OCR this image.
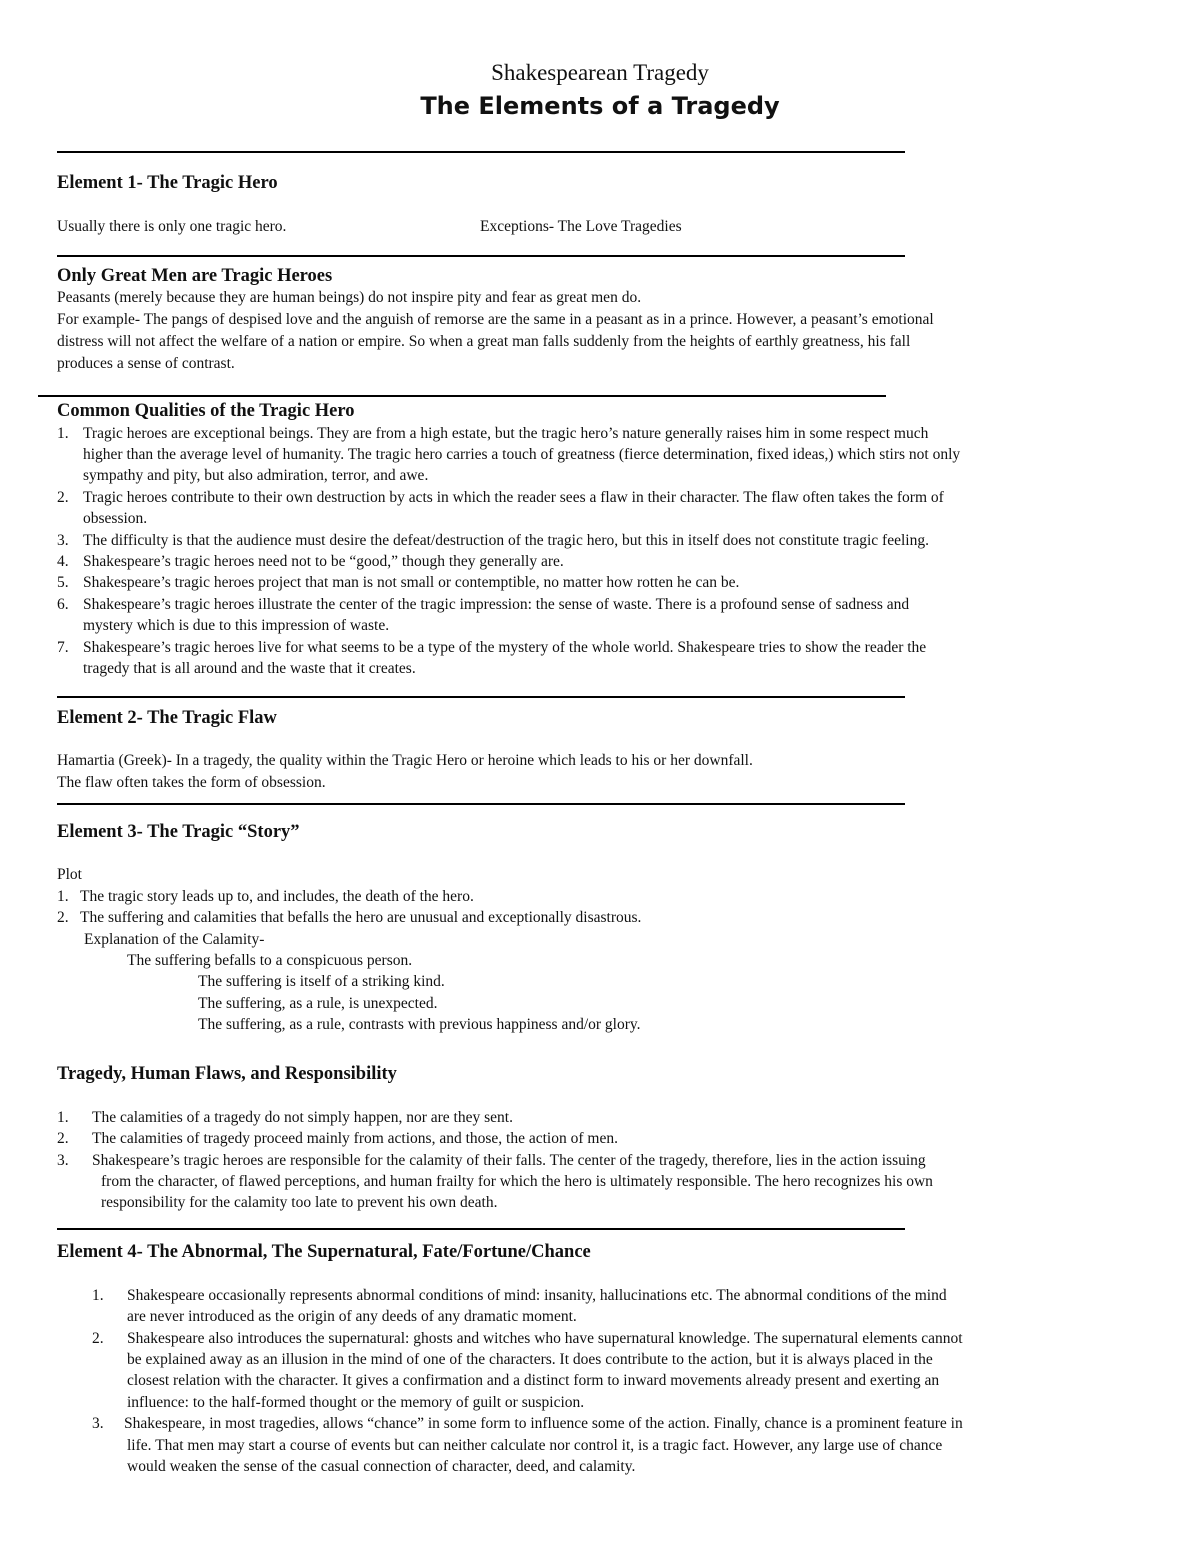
Shakespearean Tragedy
The Elements of a Tragedy
Element 1- The Tragic Hero
Usually there is only one tragic hero.	Exceptions- The Love Tragedies
Only Great Men are Tragic Heroes
Peasants (merely because they are human beings) do not inspire pity and fear as great men do.
For example- The pangs of despised love and the anguish of remorse are the same in a peasant as in a prince. However, a peasant’s emotional
distress will not affect the welfare of a nation or empire. So when a great man falls suddenly from the heights of earthly greatness, his fall
produces a sense of contrast.
Common Qualities of the Tragic Hero
1. Tragic heroes are exceptional beings. They are from a high estate, but the tragic hero’s nature generally raises him in some respect much
higher than the average level of humanity. The tragic hero carries a touch of greatness (fierce determination, fixed ideas,) which stirs not only
sympathy and pity, but also admiration, terror, and awe.
2. Tragic heroes contribute to their own destruction by acts in which the reader sees a flaw in their character. The flaw often takes the form of
obsession.
3. The difficulty is that the audience must desire the defeat/destruction of the tragic hero, but this in itself does not constitute tragic feeling.
4. Shakespeare’s tragic heroes need not to be “good,” though they generally are.
5. Shakespeare’s tragic heroes project that man is not small or contemptible, no matter how rotten he can be.
6. Shakespeare’s tragic heroes illustrate the center of the tragic impression: the sense of waste. There is a profound sense of sadness and
mystery which is due to this impression of waste.
7. Shakespeare’s tragic heroes live for what seems to be a type of the mystery of the whole world. Shakespeare tries to show the reader the
tragedy that is all around and the waste that it creates.
Element 2- The Tragic Flaw
Hamartia (Greek)- In a tragedy, the quality within the Tragic Hero or heroine which leads to his or her downfall.
The flaw often takes the form of obsession.
Element 3- The Tragic “Story”
Plot
1. The tragic story leads up to, and includes, the death of the hero.
2. The suffering and calamities that befalls the hero are unusual and exceptionally disastrous.
Explanation of the Calamity-
The suffering befalls to a conspicuous person.
The suffering is itself of a striking kind.
The suffering, as a rule, is unexpected.
The suffering, as a rule, contrasts with previous happiness and/or glory.
Tragedy, Human Flaws, and Responsibility
1. The calamities of a tragedy do not simply happen, nor are they sent.
2. The calamities of tragedy proceed mainly from actions, and those, the action of men.
3. Shakespeare’s tragic heroes are responsible for the calamity of their falls. The center of the tragedy, therefore, lies in the action issuing
from the character, of flawed perceptions, and human frailty for which the hero is ultimately responsible. The hero recognizes his own
responsibility for the calamity too late to prevent his own death.
Element 4- The Abnormal, The Supernatural, Fate/Fortune/Chance
1. Shakespeare occasionally represents abnormal conditions of mind: insanity, hallucinations etc. The abnormal conditions of the mind
are never introduced as the origin of any deeds of any dramatic moment.
2. Shakespeare also introduces the supernatural: ghosts and witches who have supernatural knowledge. The supernatural elements cannot
be explained away as an illusion in the mind of one of the characters. It does contribute to the action, but it is always placed in the
closest relation with the character. It gives a confirmation and a distinct form to inward movements already present and exerting an
influence: to the half-formed thought or the memory of guilt or suspicion.
3. Shakespeare, in most tragedies, allows “chance” in some form to influence some of the action. Finally, chance is a prominent feature in
life. That men may start a course of events but can neither calculate nor control it, is a tragic fact. However, any large use of chance
would weaken the sense of the casual connection of character, deed, and calamity.
